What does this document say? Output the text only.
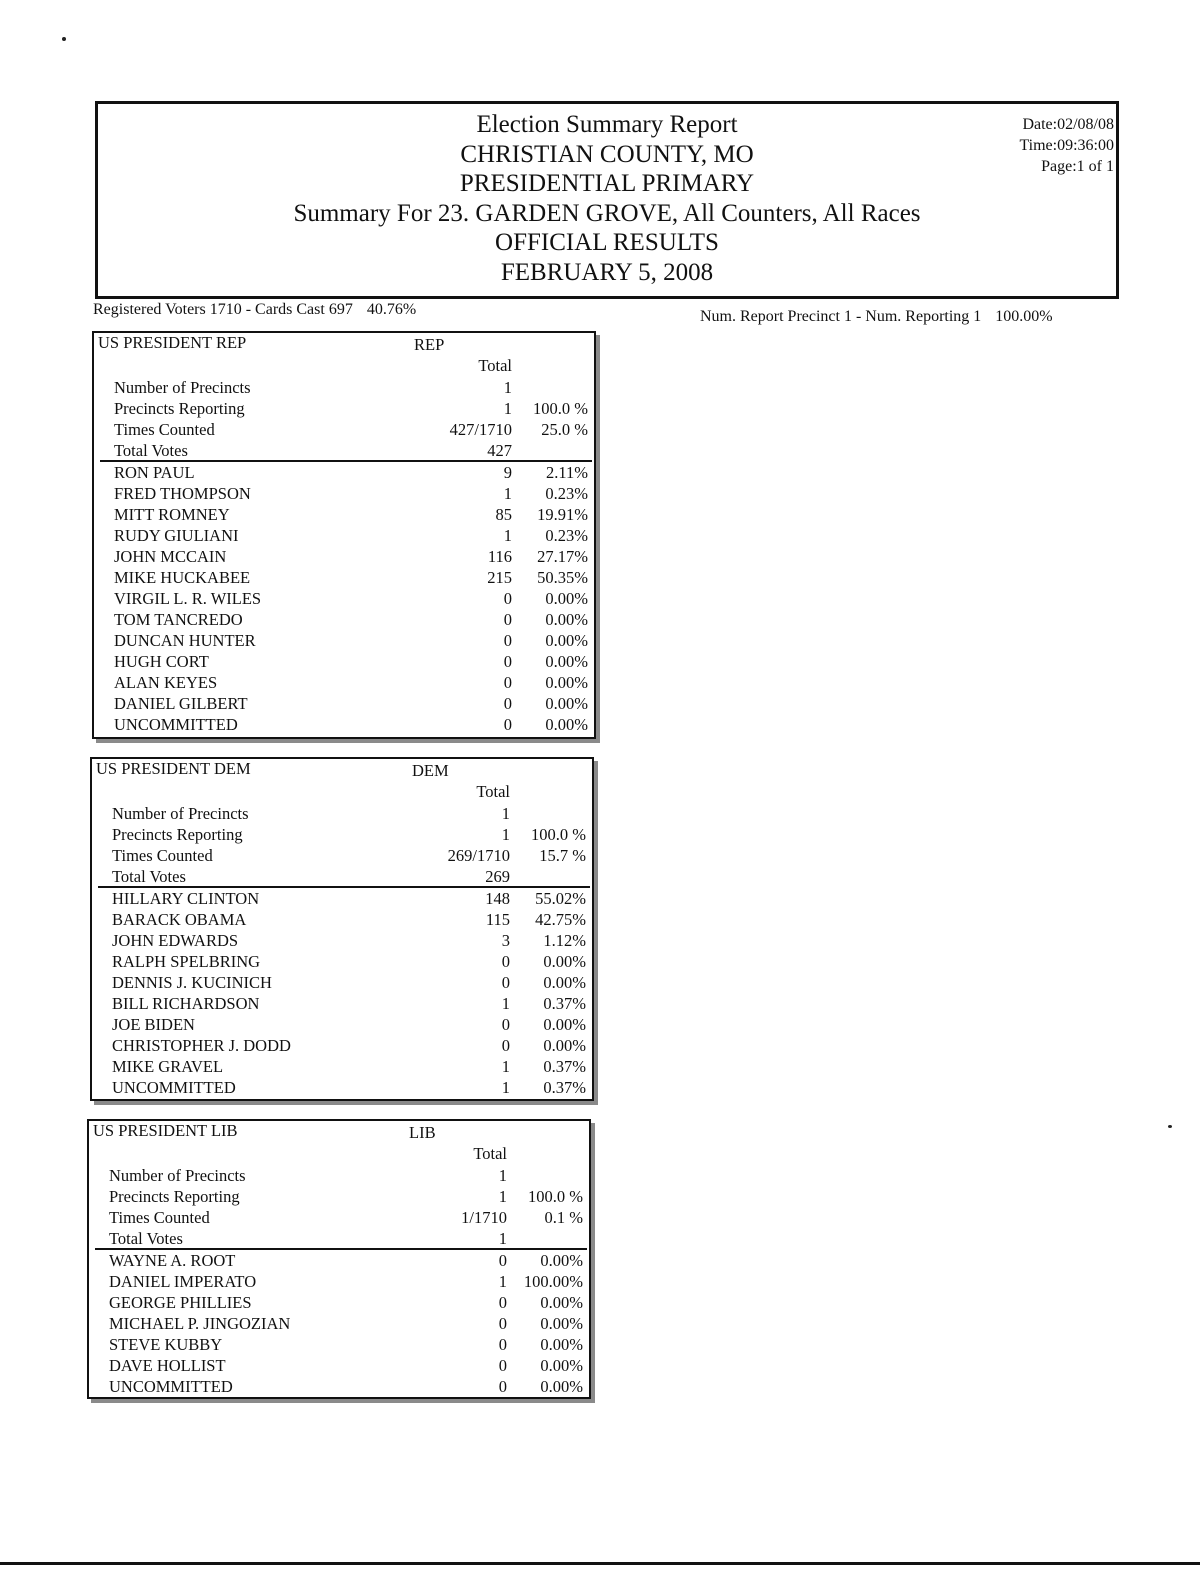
Election Summary Report
CHRISTIAN COUNTY, MO
PRESIDENTIAL PRIMARY
Summary For 23. GARDEN GROVE, All Counters, All Races
OFFICIAL RESULTS
FEBRUARY 5, 2008
Date:02/08/08
Time:09:36:00
Page:1 of 1
Registered Voters 1710 - Cards Cast 697 40.76%	Num. Report Precinct 1 - Num. Reporting 1 100.00%
US PRESIDENT REP	REP
Total
Number of Precincts	1
Precincts Reporting	1 100.0 %
Times Counted	427/1710 25.0 %
Total Votes	427
RON PAUL	9 2.11%
FRED THOMPSON	1 0.23%
MITT ROMNEY	85 19.91%
RUDY GIULIANI	1 0.23%
JOHN MCCAIN	116 27.17%
MIKE HUCKABEE	215 50.35%
VIRGIL L. R. WILES	0 0.00%
TOM TANCREDO	0 0.00%
DUNCAN HUNTER	0 0.00%
HUGH CORT	0 0.00%
ALAN KEYES	0 0.00%
DANIEL GILBERT	0 0.00%
UNCOMMITTED	0 0.00%
US PRESIDENT DEM	DEM
Total
Number of Precincts	1
Precincts Reporting	1 100.0 %
Times Counted	269/1710 15.7 %
Total Votes	269
HILLARY CLINTON	148 55.02%
BARACK OBAMA	115 42.75%
JOHN EDWARDS	3 1.12%
RALPH SPELBRING	0 0.00%
DENNIS J. KUCINICH	0 0.00%
BILL RICHARDSON	1 0.37%
JOE BIDEN	0 0.00%
CHRISTOPHER J. DODD	0 0.00%
MIKE GRAVEL	1 0.37%
UNCOMMITTED	1 0.37%
US PRESIDENT LIB	LIB
Total
Number of Precincts	1
Precincts Reporting	1 100.0 %
Times Counted	1/1710 0.1 %
Total Votes	1
WAYNE A. ROOT	0 0.00%
DANIEL IMPERATO	1 100.00%
GEORGE PHILLIES	0 0.00%
MICHAEL P. JINGOZIAN	0 0.00%
STEVE KUBBY	0 0.00%
DAVE HOLLIST	0 0.00%
UNCOMMITTED	0 0.00%
